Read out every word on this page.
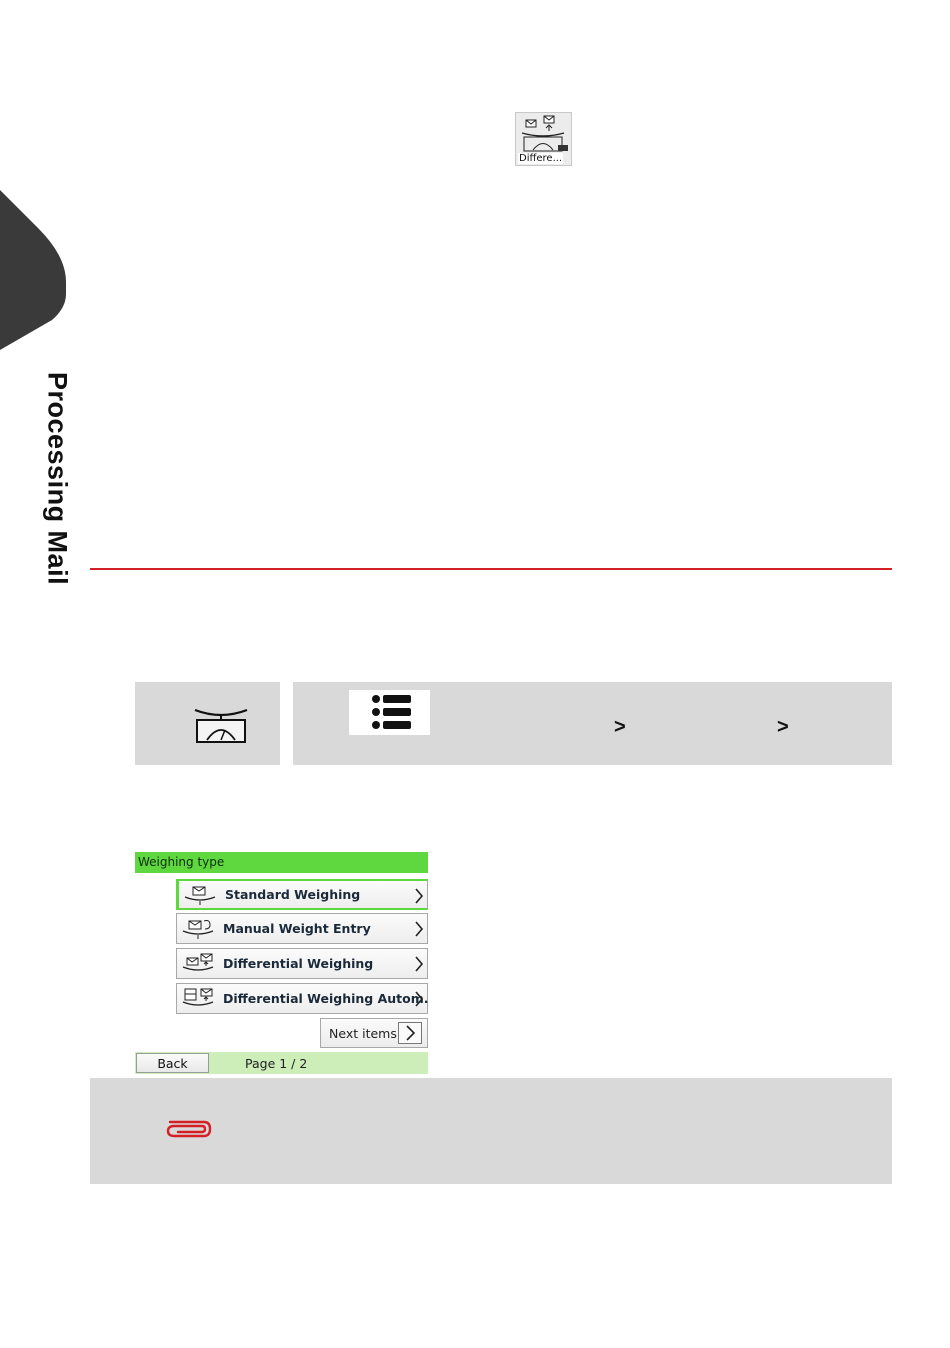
Processing Mail
Differe...
>	>
Weighing type
Standard Weighing
Manual Weight Entry
Differential Weighing
Differential Weighing Autom.
Next items
Back	Page 1 / 2
